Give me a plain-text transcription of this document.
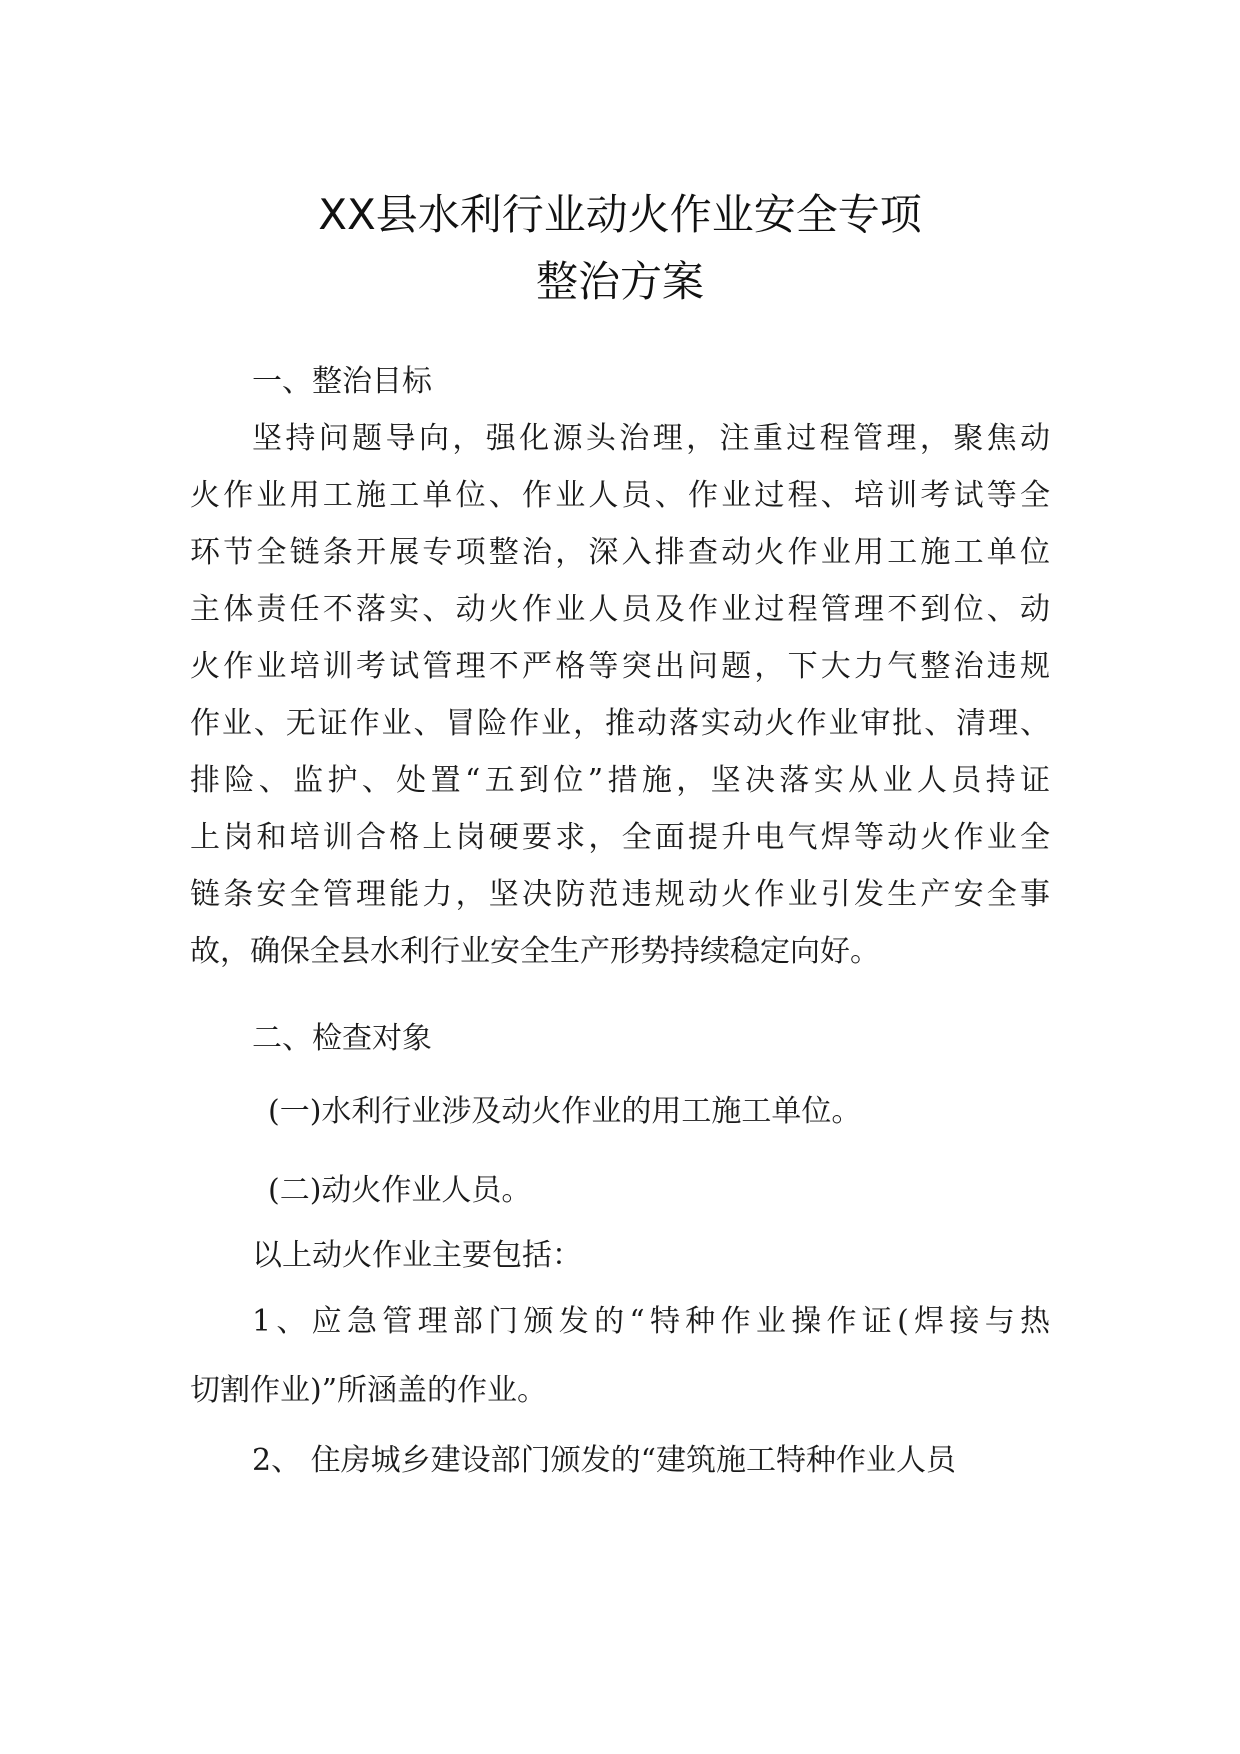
XX县水利行业动火作业安全专项
整治方案
一、整治目标
坚持问题导向，强化源头治理，注重过程管理，聚焦动
火作业用工施工单位、作业人员、作业过程、培训考试等全
环节全链条开展专项整治，深入排查动火作业用工施工单位
主体责任不落实、动火作业人员及作业过程管理不到位、动
火作业培训考试管理不严格等突出问题，下大力气整治违规
作业、无证作业、冒险作业，推动落实动火作业审批、清理、
排险、监护、处置“五到位”措施，坚决落实从业人员持证
上岗和培训合格上岗硬要求，全面提升电气焊等动火作业全
链条安全管理能力，坚决防范违规动火作业引发生产安全事
故，确保全县水利行业安全生产形势持续稳定向好。
二、检查对象
(一)水利行业涉及动火作业的用工施工单位。
(二)动火作业人员。
以上动火作业主要包括：
1、应急管理部门颁发的“特种作业操作证(焊接与热
切割作业)”所涵盖的作业。
2、 住房城乡建设部门颁发的“建筑施工特种作业人员
